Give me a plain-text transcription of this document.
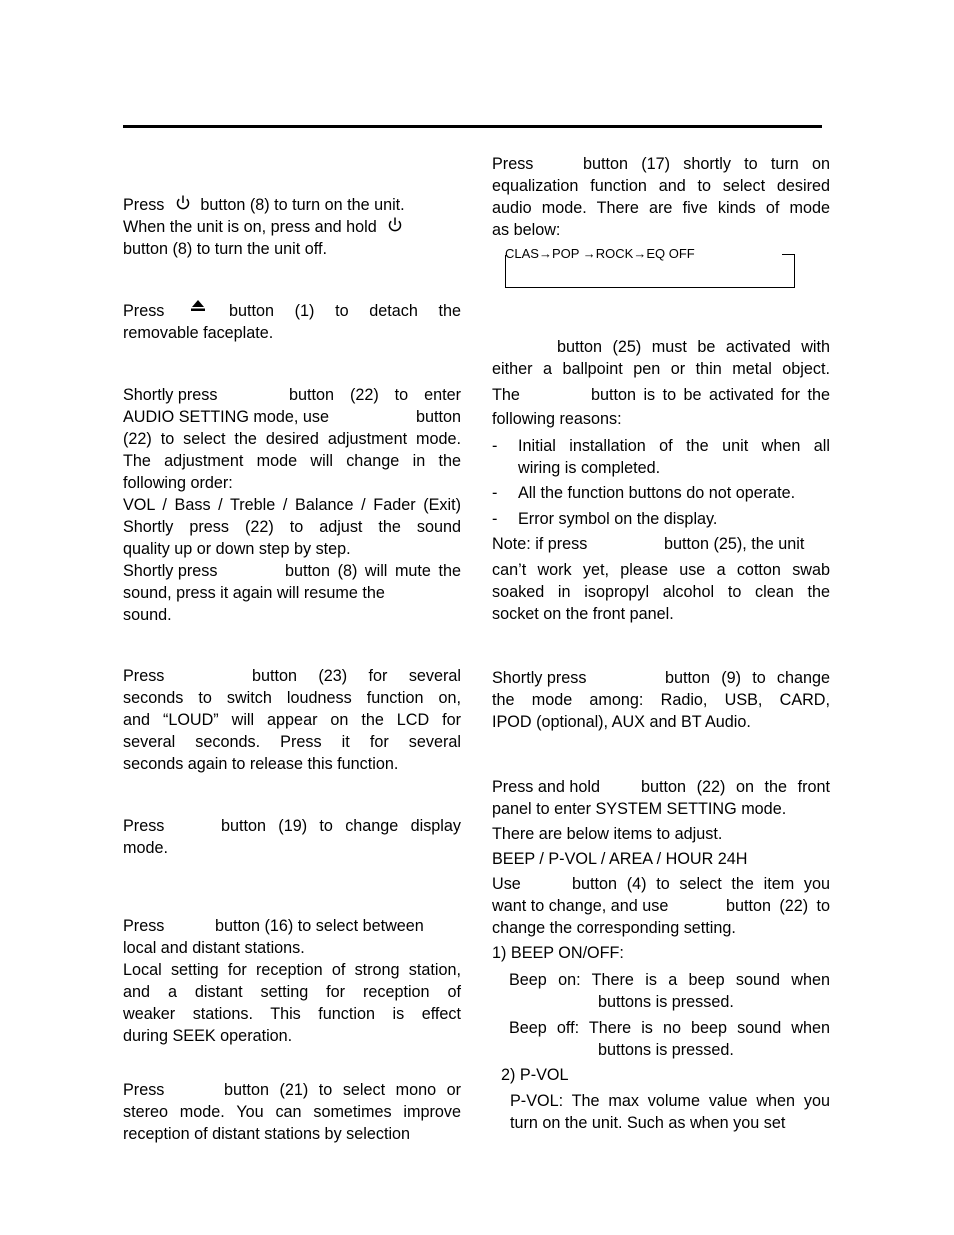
Press button (8) to turn on the unit.
When the unit is on, press and hold
button (8) to turn the unit off.
Press	button (1) to detach the
removable faceplate.
Shortly press	button (22) to enter
AUDIO SETTING mode, use	button
(22) to select the desired adjustment mode.
The adjustment mode will change in the
following order:
VOL / Bass / Treble / Balance / Fader (Exit)
Shortly press (22) to adjust the sound
quality up or down step by step.
Shortly press	button (8) will mute the
sound, press it again will resume the
sound.
Press	button (23) for several
seconds to switch loudness function on,
and “LOUD” will appear on the LCD for
several seconds. Press it for several
seconds again to release this function.
Press	button (19) to change display
mode.
Press	button (16) to select between
local and distant stations.
Local setting for reception of strong station,
and a distant setting for reception of
weaker stations. This function is effect
during SEEK operation.
Press	button (21) to select mono or
stereo mode. You can sometimes improve
reception of distant stations by selection
Press	button (17) shortly to turn on
equalization function and to select desired
audio mode. There are five kinds of mode
as below:
CLAS→POP →ROCK→EQ OFF
button (25) must be activated with
either a ballpoint pen or thin metal object.
The	button is to be activated for the
following reasons:
- Initial installation of the unit when all
wiring is completed.
- All the function buttons do not operate.
- Error symbol on the display.
Note: if press	button (25), the unit
can’t work yet, please use a cotton swab
soaked in isopropyl alcohol to clean the
socket on the front panel.
Shortly press	button (9) to change
the mode among: Radio, USB, CARD,
IPOD (optional), AUX and BT Audio.
Press and hold	button (22) on the front
panel to enter SYSTEM SETTING mode.
There are below items to adjust.
BEEP / P-VOL / AREA / HOUR 24H
Use	button (4) to select the item you
want to change, and use	button (22) to
change the corresponding setting.
1) BEEP ON/OFF:
Beep on: There is a beep sound when
buttons is pressed.
Beep off: There is no beep sound when
buttons is pressed.
2) P-VOL
P-VOL: The max volume value when you
turn on the unit. Such as when you set
